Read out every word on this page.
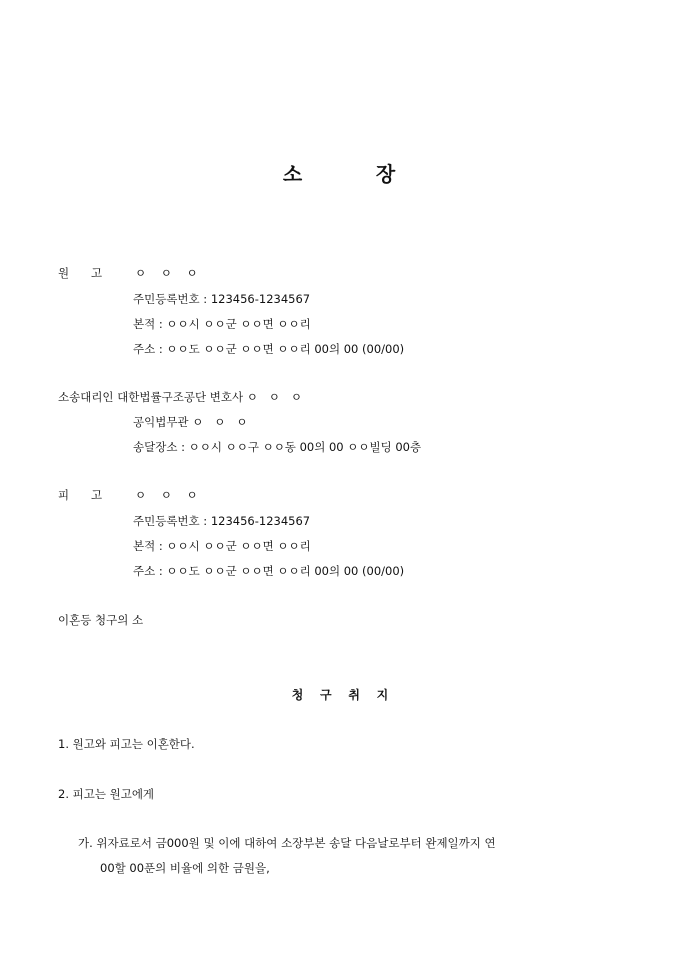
소        장
원      고	ㅇ    ㅇ    ㅇ
주민등록번호 : 123456-1234567
본적 : ㅇㅇ시 ㅇㅇ군 ㅇㅇ면 ㅇㅇ리
주소 : ㅇㅇ도 ㅇㅇ군 ㅇㅇ면 ㅇㅇ리 00의 00 (00/00)
소송대리인 대한법률구조공단 변호사 ㅇ   ㅇ   ㅇ
공익법무관 ㅇ   ㅇ   ㅇ
송달장소 : ㅇㅇ시 ㅇㅇ구 ㅇㅇ동 00의 00 ㅇㅇ빌딩 00층
피      고	ㅇ    ㅇ    ㅇ
주민등록번호 : 123456-1234567
본적 : ㅇㅇ시 ㅇㅇ군 ㅇㅇ면 ㅇㅇ리
주소 : ㅇㅇ도 ㅇㅇ군 ㅇㅇ면 ㅇㅇ리 00의 00 (00/00)
이혼등 청구의 소
청    구    취    지
1. 원고와 피고는 이혼한다.
2. 피고는 원고에게
가. 위자료로서 금000원 및 이에 대하여 소장부본 송달 다음날로부터 완제일까지 연
00할 00푼의 비율에 의한 금원을,
